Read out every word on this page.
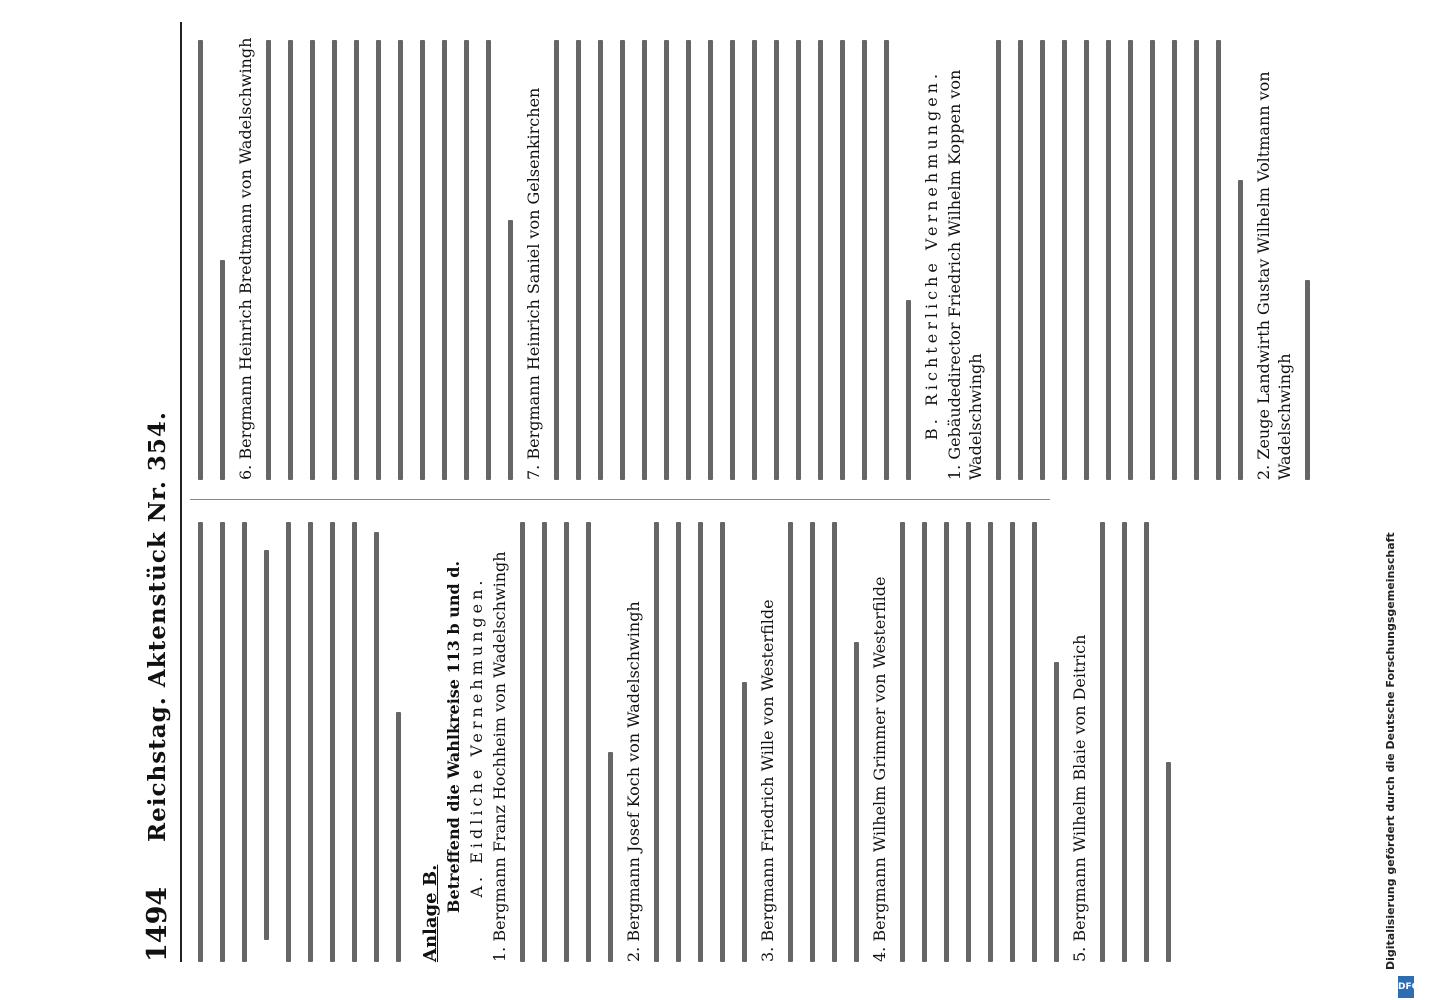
1494
Reichstag. Aktenstück Nr. 354.
Anlage B.
Betreffend die Wahlkreise 113 b und d. A. Eidliche Vernehmungen. 1. Bergmann Franz Hochheim von Wadelschwingh	2. Bergmann Josef Koch von Wadelschwingh	3. Bergmann Friedrich Wille von Westerfilde	4. Bergmann Wilhelm Grimmer von Westerfilde	5. Bergmann Wilhelm Blaie von Deitrich
6. Bergmann Heinrich Bredtmann von Wadelschwingh	7. Bergmann Heinrich Saniel von Gelsenkirchen	B. Richterliche Vernehmungen. 1. Gebäudedirector Friedrich Wilhelm Koppen von Wadelschwingh	2. Zeuge Landwirth Gustav Wilhelm Voltmann von Wadelschwingh
Digitalisierung gefördert durch die Deutsche Forschungsgemeinschaft
DFG
